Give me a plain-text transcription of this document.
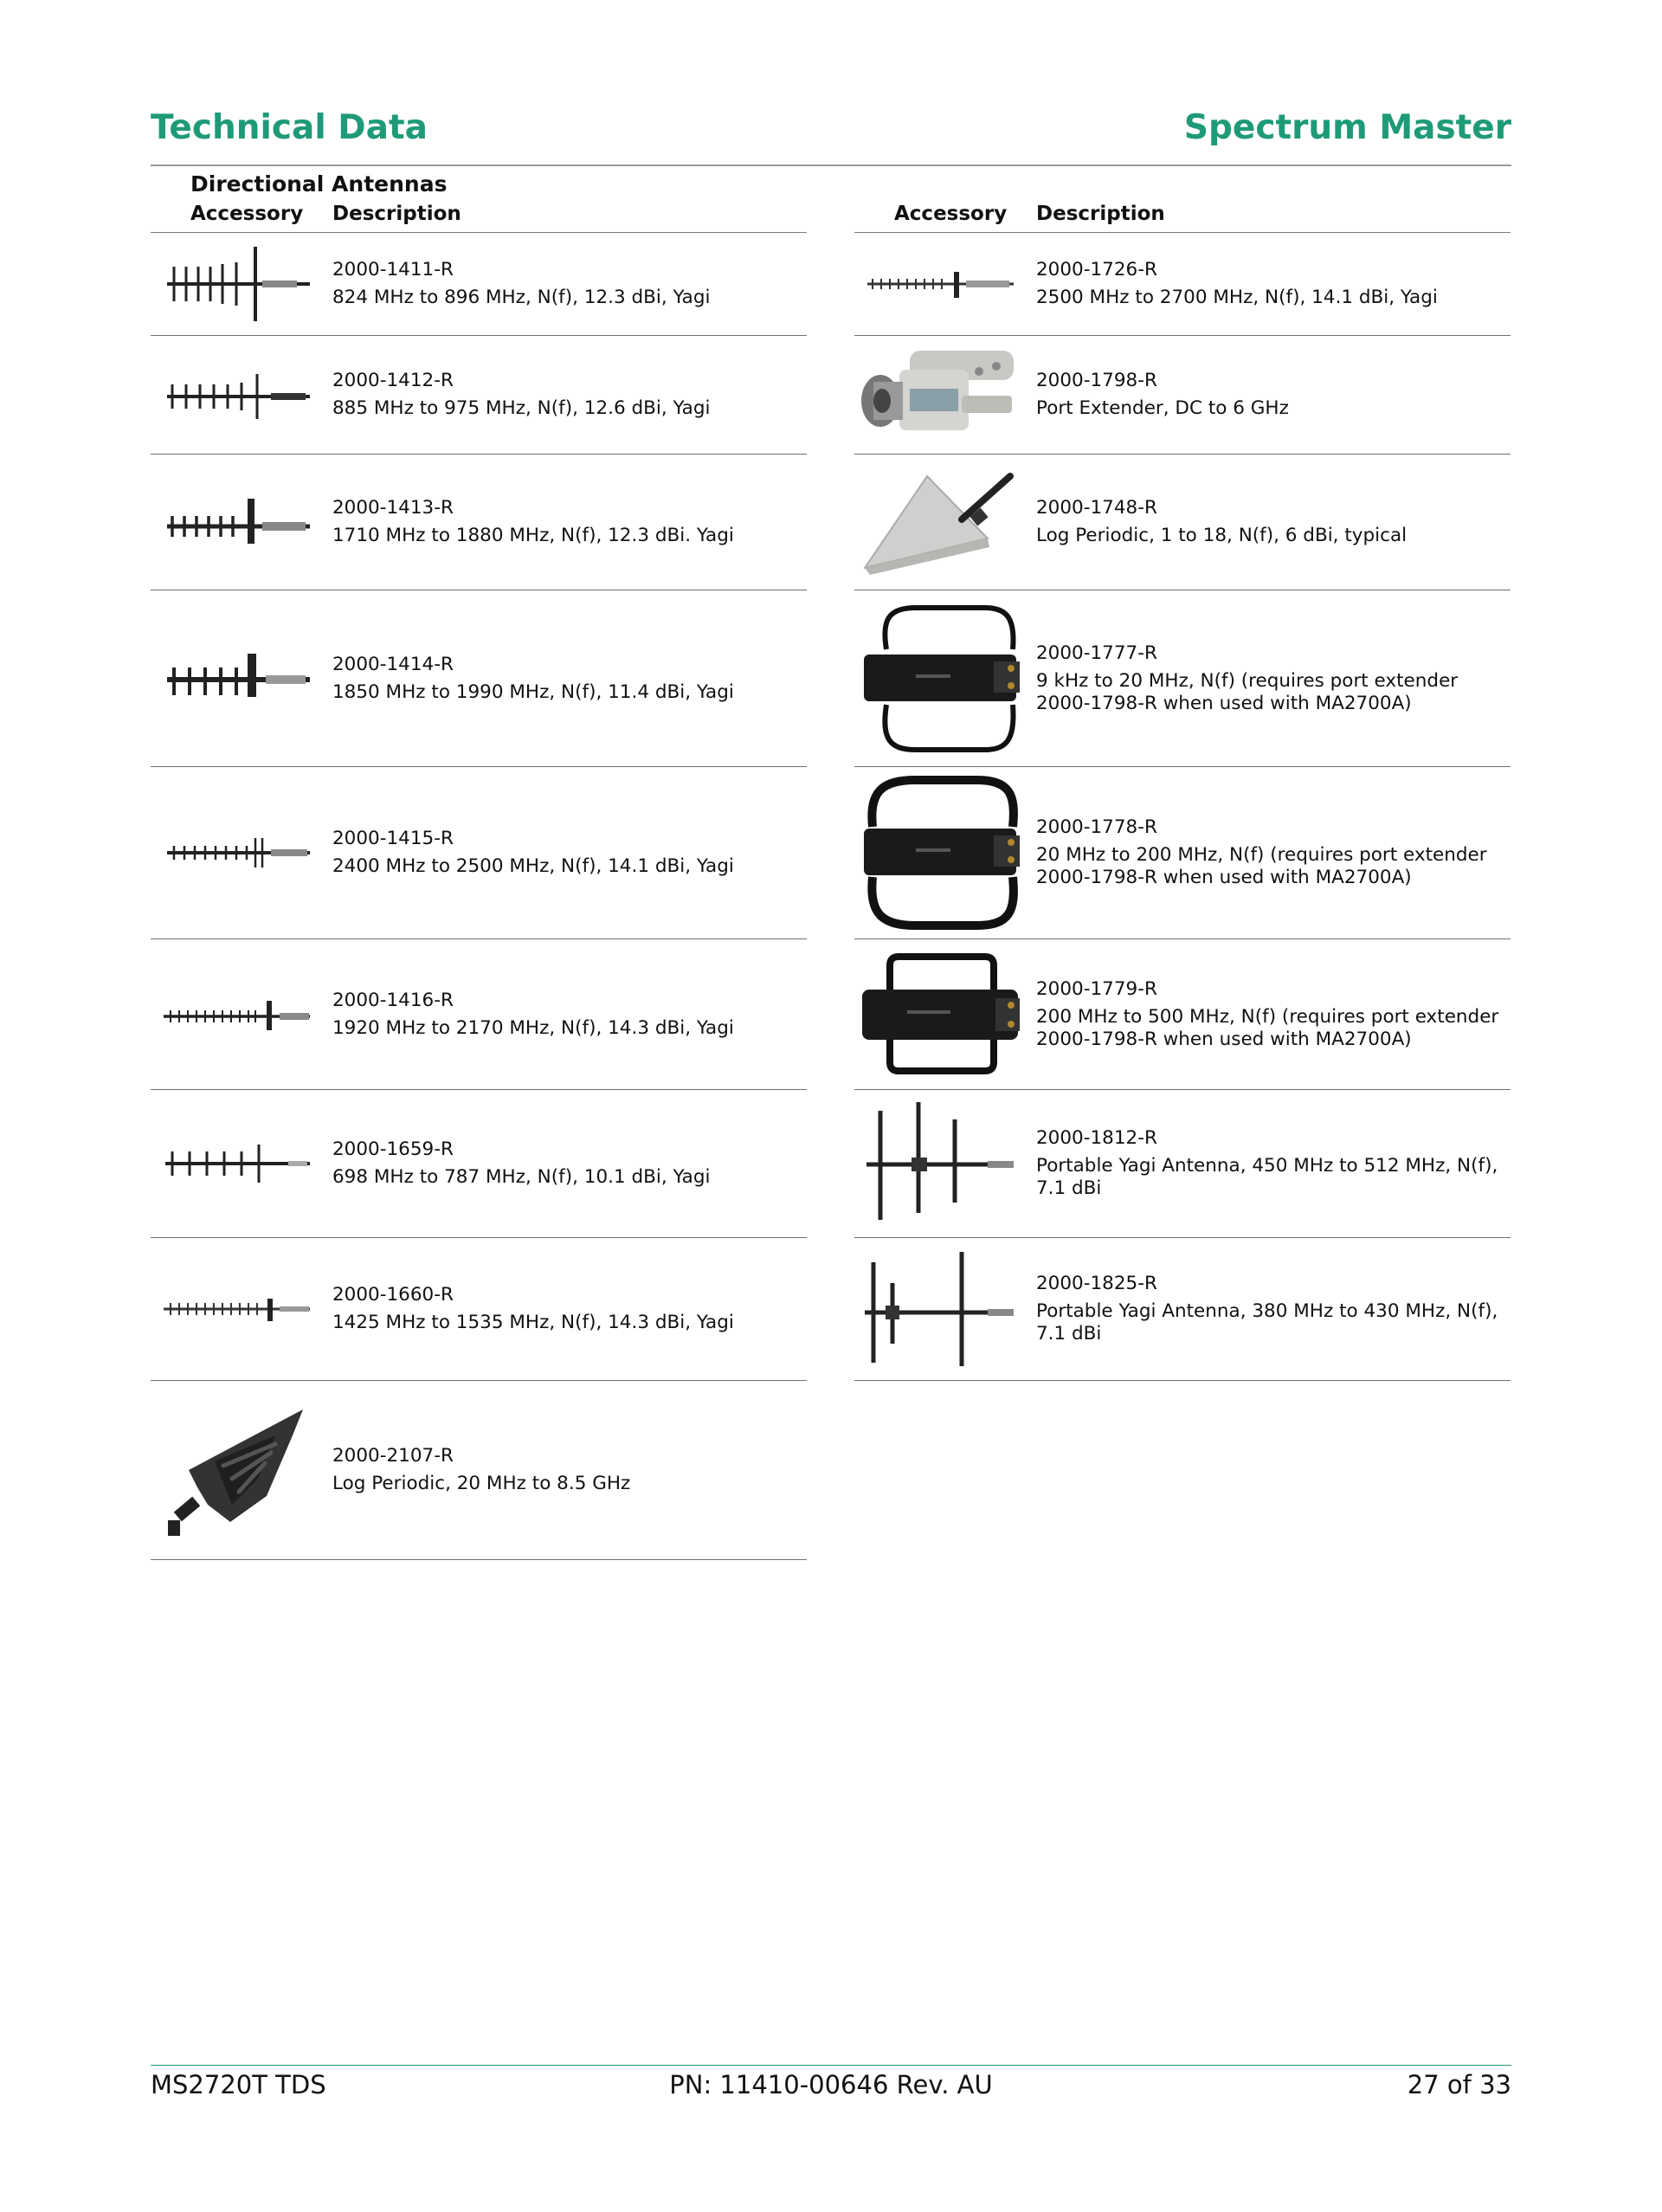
Technical Data	Spectrum Master
Directional Antennas
Accessory Description
2000-1411-R
824 MHz to 896 MHz, N(f), 12.3 dBi, Yagi
2000-1412-R
885 MHz to 975 MHz, N(f), 12.6 dBi, Yagi
2000-1413-R
1710 MHz to 1880 MHz, N(f), 12.3 dBi. Yagi
2000-1414-R
1850 MHz to 1990 MHz, N(f), 11.4 dBi, Yagi
2000-1415-R
2400 MHz to 2500 MHz, N(f), 14.1 dBi, Yagi
2000-1416-R
1920 MHz to 2170 MHz, N(f), 14.3 dBi, Yagi
2000-1659-R
698 MHz to 787 MHz, N(f), 10.1 dBi, Yagi
2000-1660-R
1425 MHz to 1535 MHz, N(f), 14.3 dBi, Yagi
2000-2107-R
Log Periodic, 20 MHz to 8.5 GHz
Accessory Description
2000-1726-R
2500 MHz to 2700 MHz, N(f), 14.1 dBi, Yagi
2000-1798-R
Port Extender, DC to 6 GHz
2000-1748-R
Log Periodic, 1 to 18, N(f), 6 dBi, typical
2000-1777-R
9 kHz to 20 MHz, N(f) (requires port extender 2000-1798-R when used with MA2700A)
2000-1778-R
20 MHz to 200 MHz, N(f) (requires port extender 2000-1798-R when used with MA2700A)
2000-1779-R
200 MHz to 500 MHz, N(f) (requires port extender 2000-1798-R when used with MA2700A)
2000-1812-R
Portable Yagi Antenna, 450 MHz to 512 MHz, N(f), 7.1 dBi
2000-1825-R
Portable Yagi Antenna, 380 MHz to 430 MHz, N(f), 7.1 dBi
MS2720T TDS	PN: 11410-00646 Rev. AU	27 of 33
